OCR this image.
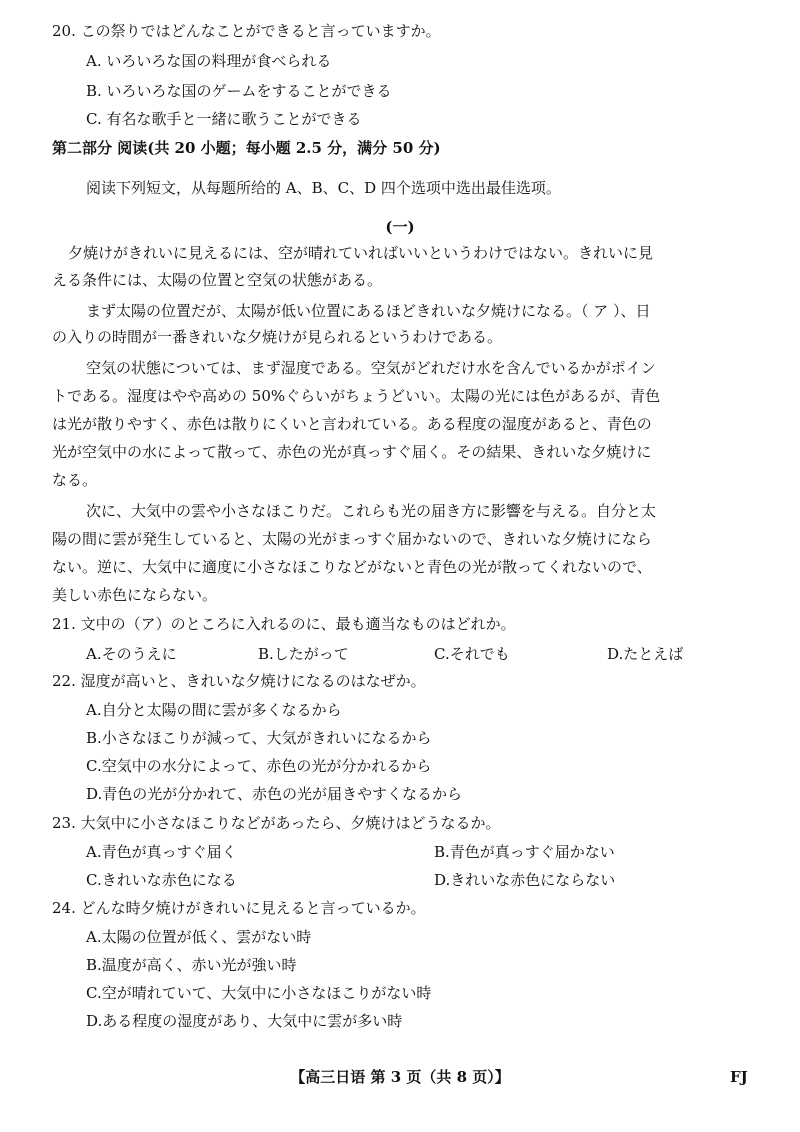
20. この祭りではどんなことができると言っていますか。
A. いろいろな国の料理が食べられる
B. いろいろな国のゲームをすることができる
C. 有名な歌手と一緒に歌うことができる
第二部分 阅读(共 20 小题；每小题 2.5 分，满分 50 分)
阅读下列短文，从每题所给的 A、B、C、D 四个选项中选出最佳选项。
(一)
夕焼けがきれいに見えるには、空が晴れていればいいというわけではない。きれいに見
える条件には、太陽の位置と空気の状態がある。
まず太陽の位置だが、太陽が低い位置にあるほどきれいな夕焼けになる。（ ア ）、日
の入りの時間が一番きれいな夕焼けが見られるというわけである。
空気の状態については、まず湿度である。空気がどれだけ水を含んでいるかがポイン
トである。湿度はやや高めの 50%ぐらいがちょうどいい。太陽の光には色があるが、青色
は光が散りやすく、赤色は散りにくいと言われている。ある程度の湿度があると、青色の
光が空気中の水によって散って、赤色の光が真っすぐ届く。その結果、きれいな夕焼けに
なる。
次に、大気中の雲や小さなほこりだ。これらも光の届き方に影響を与える。自分と太
陽の間に雲が発生していると、太陽の光がまっすぐ届かないので、きれいな夕焼けになら
ない。逆に、大気中に適度に小さなほこりなどがないと青色の光が散ってくれないので、
美しい赤色にならない。
21. 文中の（ア）のところに入れるのに、最も適当なものはどれか。
A.そのうえに	B.したがって	C.それでも	D.たとえば
22. 湿度が高いと、きれいな夕焼けになるのはなぜか。
A.自分と太陽の間に雲が多くなるから
B.小さなほこりが減って、大気がきれいになるから
C.空気中の水分によって、赤色の光が分かれるから
D.青色の光が分かれて、赤色の光が届きやすくなるから
23. 大気中に小さなほこりなどがあったら、夕焼けはどうなるか。
A.青色が真っすぐ届く	B.青色が真っすぐ届かない
C.きれいな赤色になる	D.きれいな赤色にならない
24. どんな時夕焼けがきれいに見えると言っているか。
A.太陽の位置が低く、雲がない時
B.温度が高く、赤い光が強い時
C.空が晴れていて、大気中に小さなほこりがない時
D.ある程度の湿度があり、大気中に雲が多い時
【高三日语 第 3 页（共 8 页）】	FJ
